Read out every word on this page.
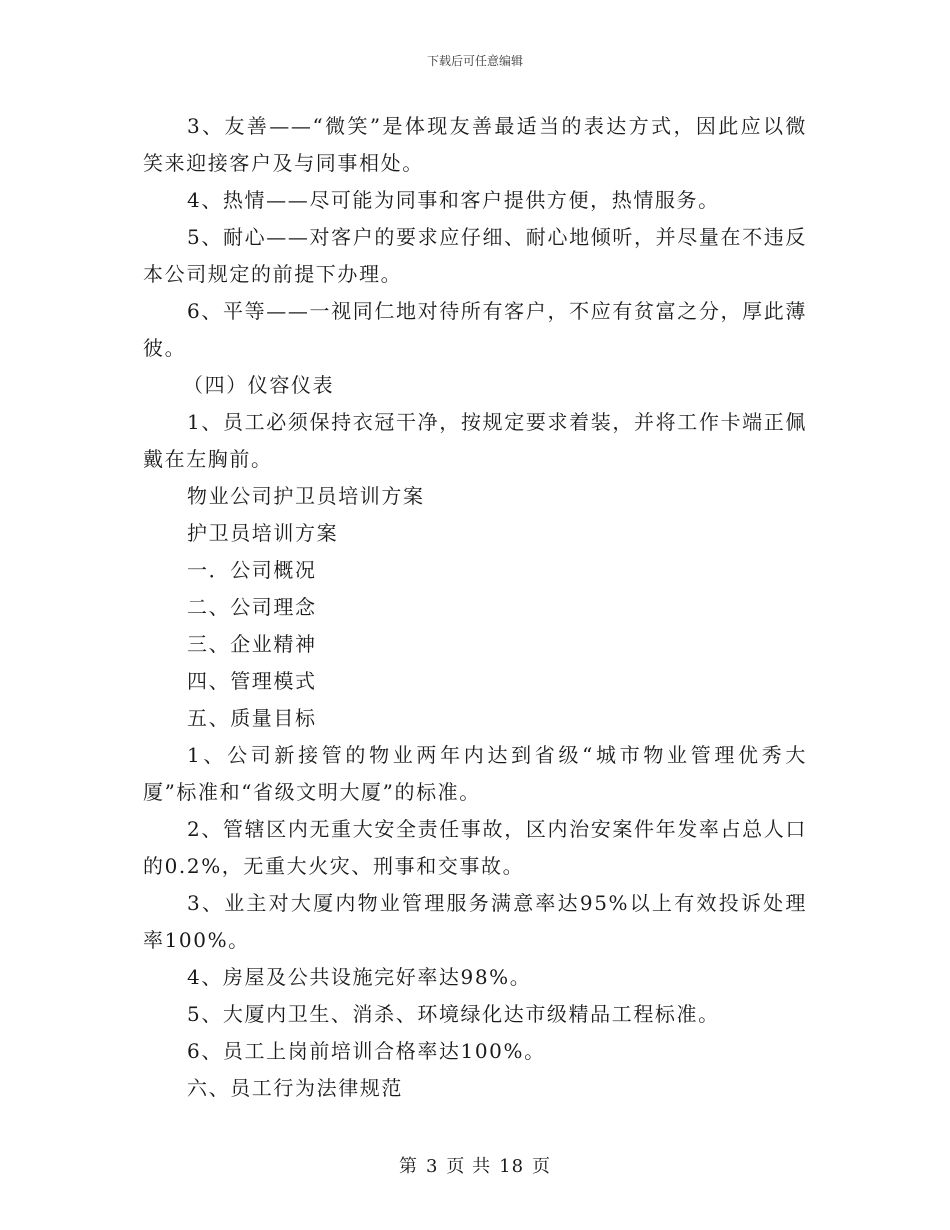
下载后可任意编辑

3、友善——“微笑”是体现友善最适当的表达方式，因此应以微笑来迎接客户及与同事相处。

4、热情——尽可能为同事和客户提供方便，热情服务。

5、耐心——对客户的要求应仔细、耐心地倾听，并尽量在不违反本公司规定的前提下办理。

6、平等——一视同仁地对待所有客户，不应有贫富之分，厚此薄彼。

（四）仪容仪表

1、员工必须保持衣冠干净，按规定要求着装，并将工作卡端正佩戴在左胸前。

物业公司护卫员培训方案

护卫员培训方案

一．公司概况

二、公司理念

三、企业精神

四、管理模式

五、质量目标

1、公司新接管的物业两年内达到省级“城市物业管理优秀大厦”标准和“省级文明大厦”的标准。

2、管辖区内无重大安全责任事故，区内治安案件年发率占总人口的0.2%，无重大火灾、刑事和交事故。

3、业主对大厦内物业管理服务满意率达95%以上有效投诉处理率100%。

4、房屋及公共设施完好率达98%。

5、大厦内卫生、消杀、环境绿化达市级精品工程标准。

6、员工上岗前培训合格率达100%。

六、员工行为法律规范

第 3 页 共 18 页
